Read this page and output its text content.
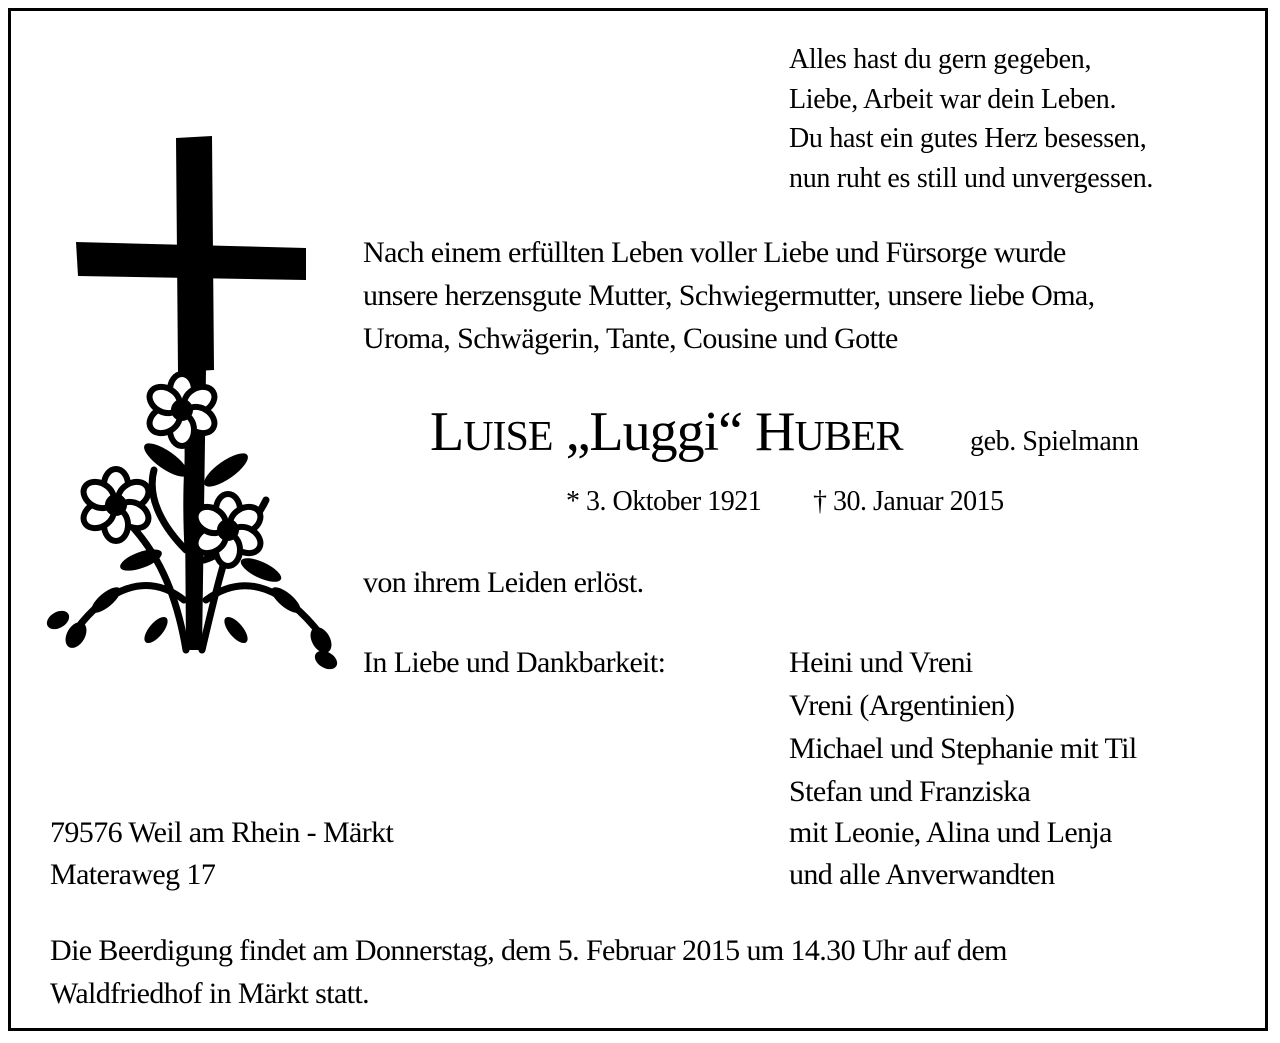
Alles hast du gern gegeben,
Liebe, Arbeit war dein Leben.
Du hast ein gutes Herz besessen,
nun ruht es still und unvergessen.
Nach einem erfüllten Leben voller Liebe und Fürsorge wurde
unsere herzensgute Mutter, Schwiegermutter, unsere liebe Oma,
Uroma, Schwägerin, Tante, Cousine und Gotte
LUISE „Luggi“ HUBER geb. Spielmann
* 3. Oktober 1921 † 30. Januar 2015
von ihrem Leiden erlöst.
In Liebe und Dankbarkeit:	Heini und Vreni
Vreni (Argentinien)
Michael und Stephanie mit Til
Stefan und Franziska
mit Leonie, Alina und Lenja
und alle Anverwandten
79576 Weil am Rhein - Märkt
Materaweg 17
Die Beerdigung findet am Donnerstag, dem 5. Februar 2015 um 14.30 Uhr auf dem
Waldfriedhof in Märkt statt.
